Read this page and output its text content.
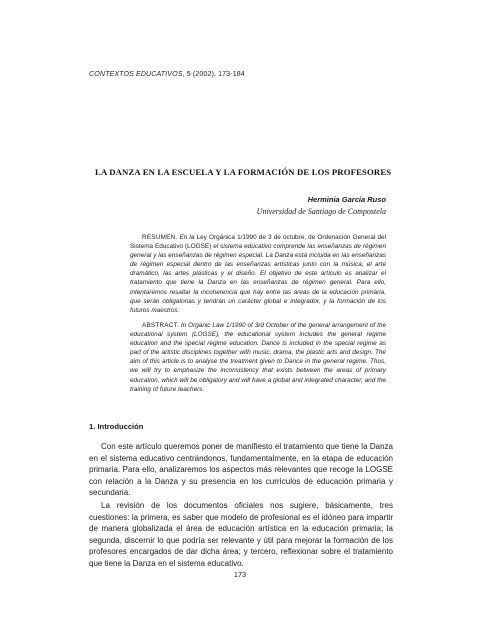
CONTEXTOS EDUCATIVOS, 5 (2002), 173-184
LA DANZA EN LA ESCUELA Y LA FORMACIÓN DE LOS PROFESORES
Herminia García Ruso
Universidad de Santiago de Compostela
RESUMEN. En la Ley Orgánica 1/1990 de 3 de octubre, de Ordenación General del Sistema Educativo (LOGSE) el sistema educativo comprende las enseñanzas de régimen general y las enseñanzas de régimen especial. La Danza está incluida en las enseñanzas de régimen especial dentro de las enseñanzas artísticas junto con la música, el arte dramático, las artes plásticas y el diseño. El objetivo de este artículo es analizar el tratamiento que tiene la Danza en las enseñanzas de régimen general. Para ello, intentaremos resaltar la incoherencia que hay entre las áreas de la educación primaria, que serán obligatorias y tendrán un carácter global e integrador, y la formación de los futuros maestros.
ABSTRACT. In Organic Law 1/1990 of 3rd October of the general arrangement of the educational system (LOGSE), the educational system includes the general regime education and the special regime education. Dance is included in the special regime as part of the artistic disciplines together with music, drama, the plastic arts and design. The aim of this article is to analyse the treatment given to Dance in the general regime. Thus, we will try to emphasize the inconsistency that exists between the areas of primary education, which will be obligatory and will have a global and integrated character, and the training of future teachers.
1. Introducción
Con este artículo queremos poner de manifiesto el tratamiento que tiene la Danza en el sistema educativo centrándonos, fundamentalmente, en la etapa de educación primaria. Para ello, analizaremos los aspectos más relevantes que recoge la LOGSE con relación a la Danza y su presencia en los currículos de educación primaria y secundaria.
La revisión de los documentos oficiales nos sugiere, básicamente, tres cuestiones: la primera, es saber que modelo de profesional es el idóneo para impartir de manera globalizada el área de educación artística en la educación primaria; la segunda, discernir lo que podría ser relevante y útil para mejorar la formación de los profesores encargados de dar dicha área; y tercero, reflexionar sobre el tratamiento que tiene la Danza en el sistema educativo.
173
